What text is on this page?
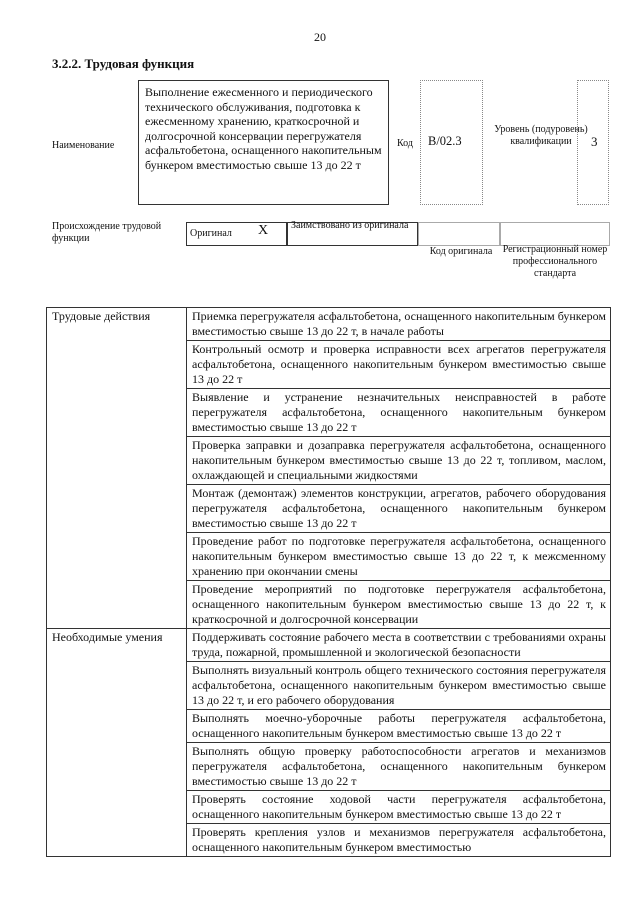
20
3.2.2. Трудовая функция
Наименование
Выполнение ежесменного и периодического технического обслуживания, подготовка к ежесменному хранению, краткосрочной и долгосрочной консервации перегружателя асфальтобетона, оснащенного накопительным бункером вместимостью свыше 13 до 22 т
Код	B/02.3
Уровень (подуровень) квалификации	3
Происхождение трудовой функции	Оригинал X Заимствовано из оригинала
Код оригинала	Регистрационный номер профессионального стандарта
Трудовые действия	Приемка перегружателя асфальтобетона, оснащенного накопительным бункером вместимостью свыше 13 до 22 т, в начале работы
	Контрольный осмотр и проверка исправности всех агрегатов перегружателя асфальтобетона, оснащенного накопительным бункером вместимостью свыше 13 до 22 т
	Выявление и устранение незначительных неисправностей в работе перегружателя асфальтобетона, оснащенного накопительным бункером вместимостью свыше 13 до 22 т
	Проверка заправки и дозаправка перегружателя асфальтобетона, оснащенного накопительным бункером вместимостью свыше 13 до 22 т, топливом, маслом, охлаждающей и специальными жидкостями
	Монтаж (демонтаж) элементов конструкции, агрегатов, рабочего оборудования перегружателя асфальтобетона, оснащенного накопительным бункером вместимостью свыше 13 до 22 т
	Проведение работ по подготовке перегружателя асфальтобетона, оснащенного накопительным бункером вместимостью свыше 13 до 22 т, к межсменному хранению при окончании смены
	Проведение мероприятий по подготовке перегружателя асфальтобетона, оснащенного накопительным бункером вместимостью свыше 13 до 22 т, к краткосрочной и долгосрочной консервации
Необходимые умения	Поддерживать состояние рабочего места в соответствии с требованиями охраны труда, пожарной, промышленной и экологической безопасности
	Выполнять визуальный контроль общего технического состояния перегружателя асфальтобетона, оснащенного накопительным бункером вместимостью свыше 13 до 22 т, и его рабочего оборудования
	Выполнять моечно-уборочные работы перегружателя асфальтобетона, оснащенного накопительным бункером вместимостью свыше 13 до 22 т
	Выполнять общую проверку работоспособности агрегатов и механизмов перегружателя асфальтобетона, оснащенного накопительным бункером вместимостью свыше 13 до 22 т
	Проверять состояние ходовой части перегружателя асфальтобетона, оснащенного накопительным бункером вместимостью свыше 13 до 22 т
	Проверять крепления узлов и механизмов перегружателя асфальтобетона, оснащенного накопительным бункером вместимостью
